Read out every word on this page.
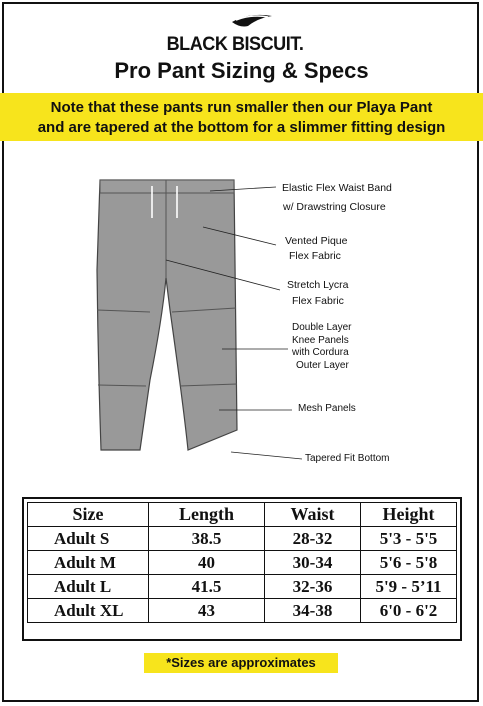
BLACK BISCUIT.
Pro Pant Sizing & Specs
Note that these pants run smaller then our Playa Pant
and are tapered at the bottom for a slimmer fitting design
Elastic Flex Waist Band
w/ Drawstring Closure
Vented Pique
Flex Fabric
Stretch Lycra
Flex Fabric
Double Layer
Knee Panels
with Cordura
Outer Layer
Mesh Panels
Tapered Fit Bottom
Size	Length	Waist	Height
Adult S	38.5	28-32	5'3 - 5'5
Adult M	40	30-34	5'6 - 5'8
Adult L	41.5	32-36	5'9 - 5’11
Adult XL	43	34-38	6'0 - 6'2
*Sizes are approximates
